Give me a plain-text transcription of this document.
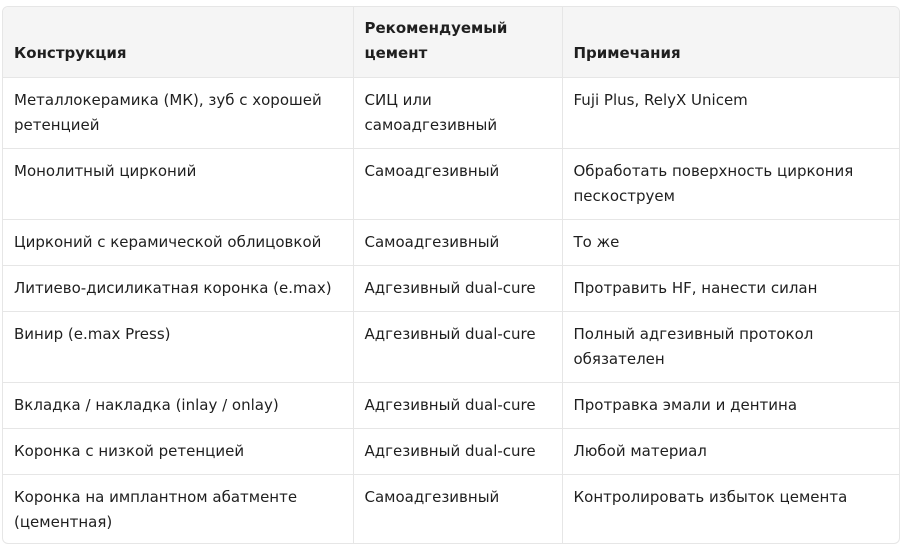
Конструкция	Рекомендуемый цемент	Примечания
Металлокерамика (МК), зуб с хорошей ретенцией	СИЦ или самоадгезивный	Fuji Plus, RelyX Unicem
Монолитный цирконий	Самоадгезивный	Обработать поверхность циркония пескоструем
Цирконий с керамической облицовкой	Самоадгезивный	То же
Литиево-дисиликатная коронка (e.max)	Адгезивный dual-cure	Протравить HF, нанести силан
Винир (e.max Press)	Адгезивный dual-cure	Полный адгезивный протокол обязателен
Вкладка / накладка (inlay / onlay)	Адгезивный dual-cure	Протравка эмали и дентина
Коронка с низкой ретенцией	Адгезивный dual-cure	Любой материал
Коронка на имплантном абатменте (цементная)	Самоадгезивный	Контролировать избыток цемента
